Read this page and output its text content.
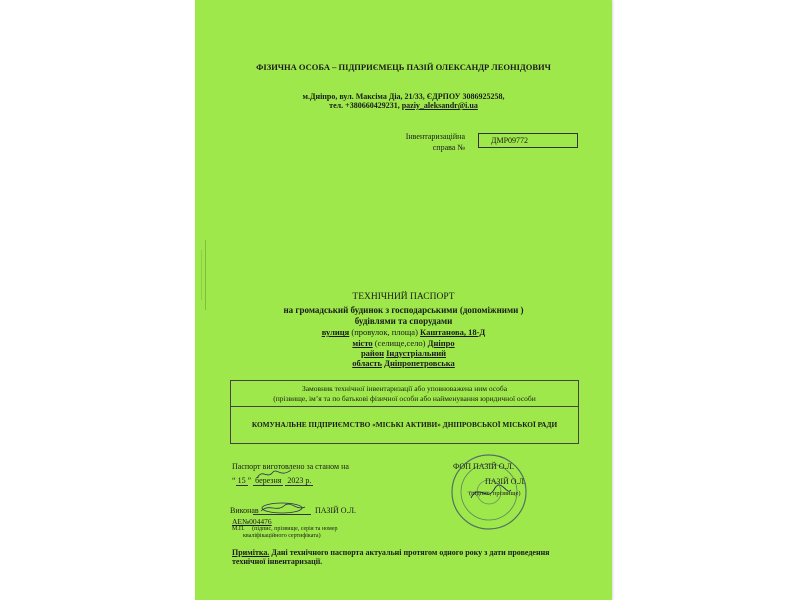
ФІЗИЧНА ОСОБА – ПІДПРИЄМЕЦЬ ПАЗІЙ ОЛЕКСАНДР ЛЕОНІДОВИЧ
м.Дніпро, вул. Максіма Діа, 21/33, ЄДРПОУ 3086925258,
тел. +380660429231, paziy_aleksandr@i.ua
Інвентаризаційна справа №
ДМР09772
ТЕХНІЧНИЙ ПАСПОРТ
на громадський будинок з господарськими (допоміжними )
будівлями та спорудами
вулиця (провулок, площа) Каштанова, 18-Д
місто (селище,село) Дніпро
район Індустріальний
область Дніпропетровська
Замовник технічної інвентаризації або уповноважена ним особа
(прізвище, ім’я та по батькові фізичної особи або найменування юридичної особи
КОМУНАЛЬНЕ ПІДПРИЄМСТВО «МІСЬКІ АКТИВИ» ДНІПРОВСЬКОЇ МІСЬКОЇ РАДИ
Паспорт виготовлено за станом на
“ 15 ” березня 2023 р.
ФОП ПАЗІЙ О.Л.
ПАЗІЙ О.Л.
(підпис, прізвище)
Виконав	ПАЗІЙ О.Л.
АЕ№004476
М.П. (підпис, прізвище, серія та номер
кваліфікаційного сертифіката)
Примітка. Дані технічного паспорта актуальні протягом одного року з дати проведення
технічної інвентаризації.
